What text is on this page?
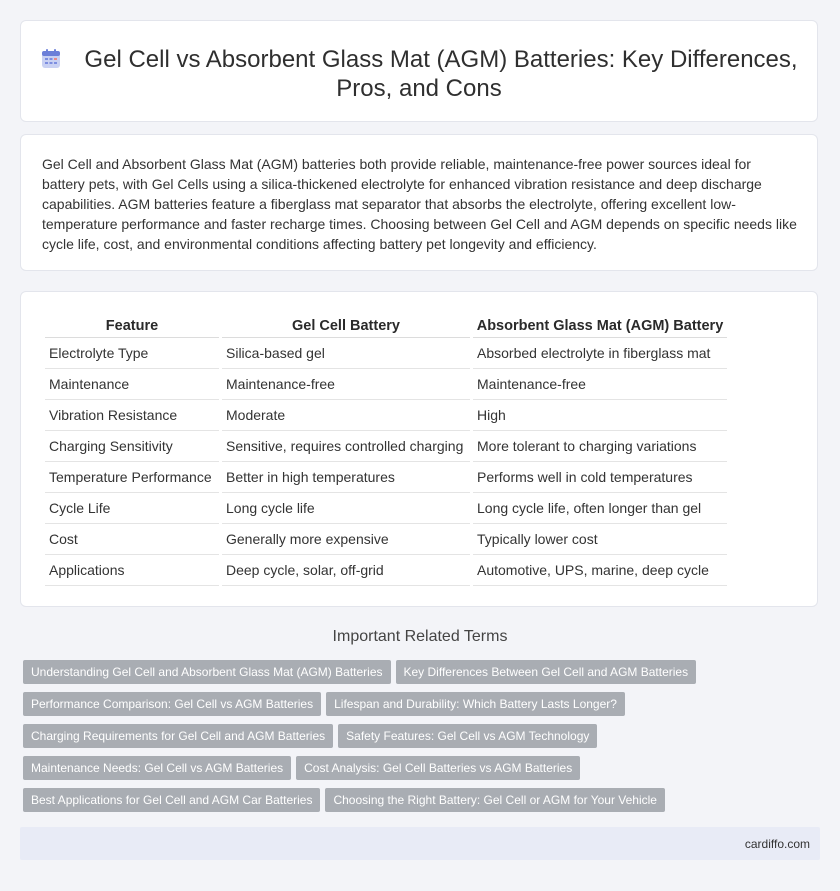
Gel Cell vs Absorbent Glass Mat (AGM) Batteries: Key Differences, Pros, and Cons

Gel Cell and Absorbent Glass Mat (AGM) batteries both provide reliable, maintenance-free power sources ideal for battery pets, with Gel Cells using a silica-thickened electrolyte for enhanced vibration resistance and deep discharge capabilities. AGM batteries feature a fiberglass mat separator that absorbs the electrolyte, offering excellent low-temperature performance and faster recharge times. Choosing between Gel Cell and AGM depends on specific needs like cycle life, cost, and environmental conditions affecting battery pet longevity and efficiency.

Feature	Gel Cell Battery	Absorbent Glass Mat (AGM) Battery
Electrolyte Type	Silica-based gel	Absorbed electrolyte in fiberglass mat
Maintenance	Maintenance-free	Maintenance-free
Vibration Resistance	Moderate	High
Charging Sensitivity	Sensitive, requires controlled charging	More tolerant to charging variations
Temperature Performance	Better in high temperatures	Performs well in cold temperatures
Cycle Life	Long cycle life	Long cycle life, often longer than gel
Cost	Generally more expensive	Typically lower cost
Applications	Deep cycle, solar, off-grid	Automotive, UPS, marine, deep cycle
Important Related Terms
Understanding Gel Cell and Absorbent Glass Mat (AGM) Batteries Key Differences Between Gel Cell and AGM Batteries
Performance Comparison: Gel Cell vs AGM Batteries Lifespan and Durability: Which Battery Lasts Longer?
Charging Requirements for Gel Cell and AGM Batteries Safety Features: Gel Cell vs AGM Technology
Maintenance Needs: Gel Cell vs AGM Batteries Cost Analysis: Gel Cell Batteries vs AGM Batteries
Best Applications for Gel Cell and AGM Car Batteries Choosing the Right Battery: Gel Cell or AGM for Your Vehicle
cardiffo.com
